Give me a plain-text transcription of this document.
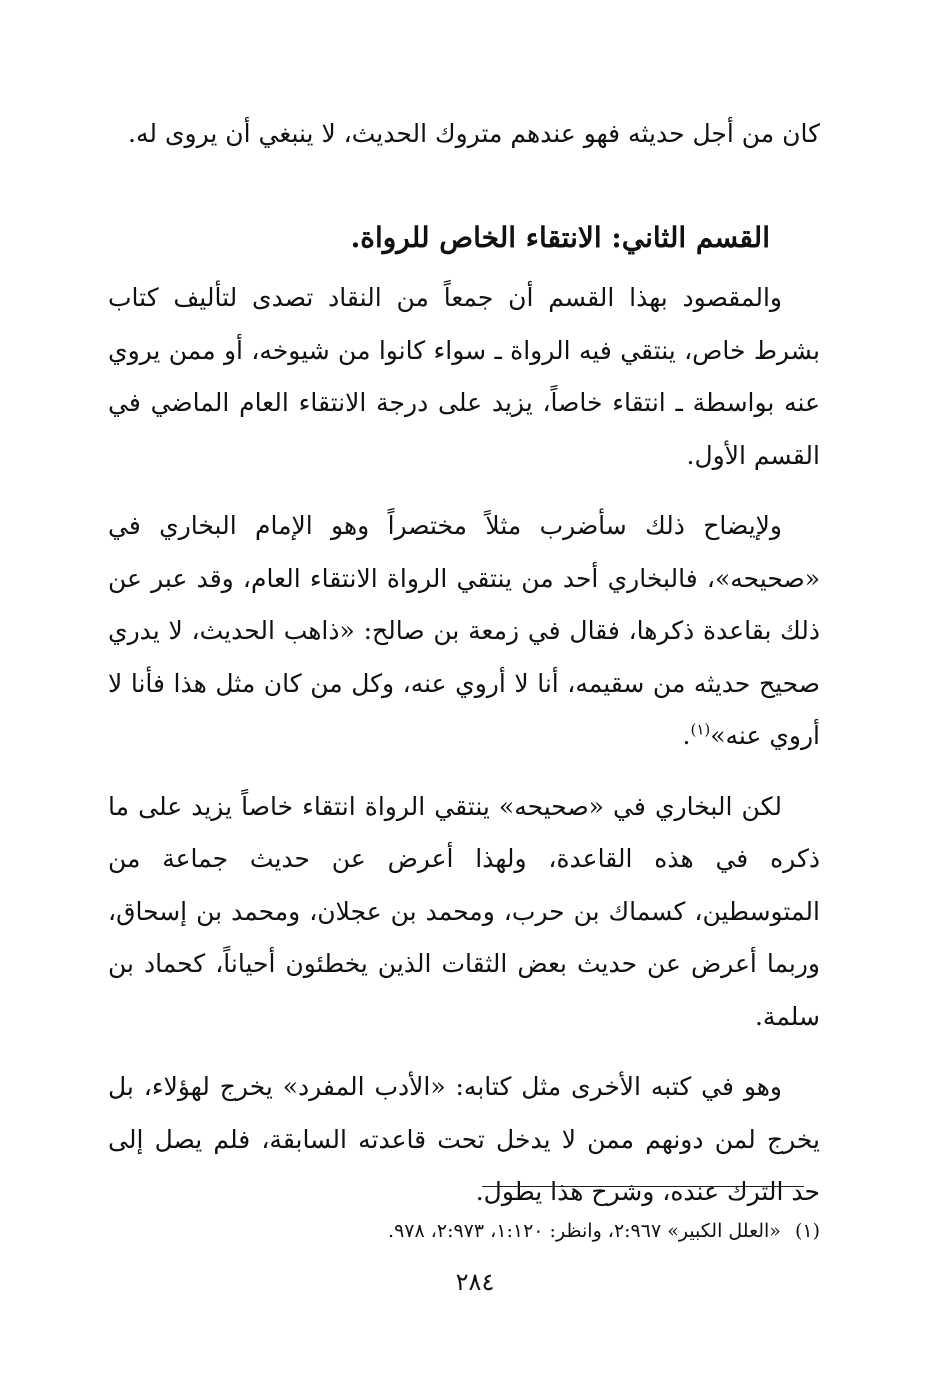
كان من أجل حديثه فهو عندهم متروك الحديث، لا ينبغي أن يروى له.

القسم الثاني: الانتقاء الخاص للرواة.

والمقصود بهذا القسم أن جمعاً من النقاد تصدى لتأليف كتاب بشرط خاص، ينتقي فيه الرواة ـ سواء كانوا من شيوخه، أو ممن يروي عنه بواسطة ـ انتقاء خاصاً، يزيد على درجة الانتقاء العام الماضي في القسم الأول.

ولإيضاح ذلك سأضرب مثلاً مختصراً وهو الإمام البخاري في «صحيحه»، فالبخاري أحد من ينتقي الرواة الانتقاء العام، وقد عبر عن ذلك بقاعدة ذكرها، فقال في زمعة بن صالح: «ذاهب الحديث، لا يدري صحيح حديثه من سقيمه، أنا لا أروي عنه، وكل من كان مثل هذا فأنا لا أروي عنه»$^{(١)}$.

لكن البخاري في «صحيحه» ينتقي الرواة انتقاء خاصاً يزيد على ما ذكره في هذه القاعدة، ولهذا أعرض عن حديث جماعة من المتوسطين، كسماك بن حرب، ومحمد بن عجلان، ومحمد بن إسحاق، وربما أعرض عن حديث بعض الثقات الذين يخطئون أحياناً، كحماد بن سلمة.

وهو في كتبه الأخرى مثل كتابه: «الأدب المفرد» يخرج لهؤلاء، بل يخرج لمن دونهم ممن لا يدخل تحت قاعدته السابقة، فلم يصل إلى حد الترك عنده، وشرح هذا يطول.

(١)«العلل الكبير» ٢:٩٦٧، وانظر: ١:١٢٠، ٢:٩٧٣، ٩٧٨.
٢٨٤
